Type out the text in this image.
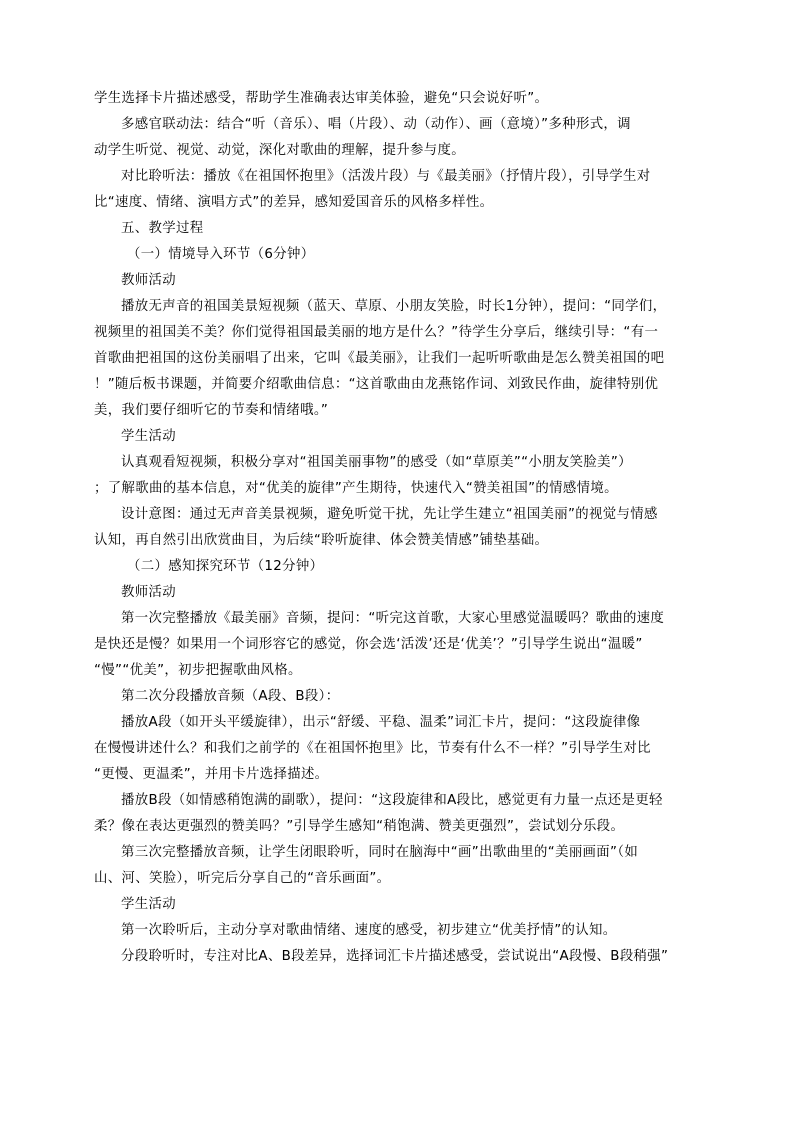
学生选择卡片描述感受，帮助学生准确表达审美体验，避免“只会说好听”。
多感官联动法：结合“听（音乐）、唱（片段）、动（动作）、画（意境）”多种形式，调
动学生听觉、视觉、动觉，深化对歌曲的理解，提升参与度。
对比聆听法：播放《在祖国怀抱里》（活泼片段）与《最美丽》（抒情片段），引导学生对
比“速度、情绪、演唱方式”的差异，感知爱国音乐的风格多样性。
五、教学过程
（一）情境导入环节（6分钟）
教师活动
播放无声音的祖国美景短视频（蓝天、草原、小朋友笑脸，时长1分钟），提问：“同学们，
视频里的祖国美不美？你们觉得祖国最美丽的地方是什么？”待学生分享后，继续引导：“有一
首歌曲把祖国的这份美丽唱了出来，它叫《最美丽》，让我们一起听听歌曲是怎么赞美祖国的吧
！”随后板书课题，并简要介绍歌曲信息：“这首歌曲由龙燕铭作词、刘致民作曲，旋律特别优
美，我们要仔细听它的节奏和情绪哦。”
学生活动
认真观看短视频，积极分享对“祖国美丽事物”的感受（如“草原美”“小朋友笑脸美”）
；了解歌曲的基本信息，对“优美的旋律”产生期待，快速代入“赞美祖国”的情感情境。
设计意图：通过无声音美景视频，避免听觉干扰，先让学生建立“祖国美丽”的视觉与情感
认知，再自然引出欣赏曲目，为后续“聆听旋律、体会赞美情感”铺垫基础。
（二）感知探究环节（12分钟）
教师活动
第一次完整播放《最美丽》音频，提问：“听完这首歌，大家心里感觉温暖吗？歌曲的速度
是快还是慢？如果用一个词形容它的感觉，你会选‘活泼’还是‘优美’？”引导学生说出“温暖”
“慢”“优美”，初步把握歌曲风格。
第二次分段播放音频（A段、B段）：
播放A段（如开头平缓旋律），出示“舒缓、平稳、温柔”词汇卡片，提问：“这段旋律像
在慢慢讲述什么？和我们之前学的《在祖国怀抱里》比，节奏有什么不一样？”引导学生对比
“更慢、更温柔”，并用卡片选择描述。
播放B段（如情感稍饱满的副歌），提问：“这段旋律和A段比，感觉更有力量一点还是更轻
柔？像在表达更强烈的赞美吗？”引导学生感知“稍饱满、赞美更强烈”，尝试划分乐段。
第三次完整播放音频，让学生闭眼聆听，同时在脑海中“画”出歌曲里的“美丽画面”（如
山、河、笑脸），听完后分享自己的“音乐画面”。
学生活动
第一次聆听后，主动分享对歌曲情绪、速度的感受，初步建立“优美抒情”的认知。
分段聆听时，专注对比A、B段差异，选择词汇卡片描述感受，尝试说出“A段慢、B段稍强”
